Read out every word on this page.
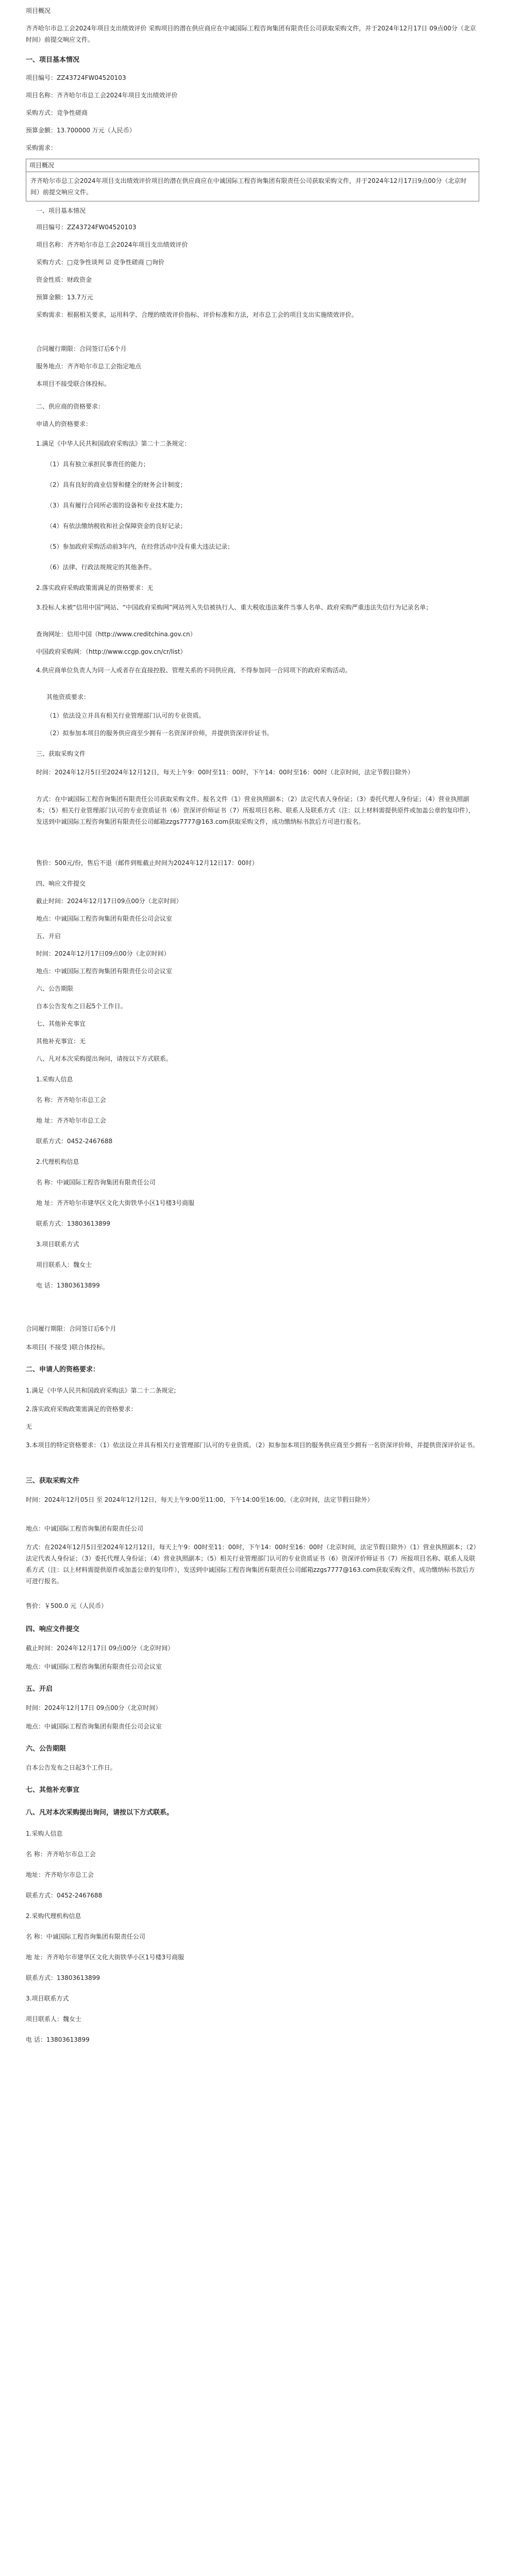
项目概况
齐齐哈尔市总工会2024年项目支出绩效评价 采购项目的潜在供应商应在中诚国际工程咨询集团有限责任公司获取采购文件，并于2024年12月17日 09点00分（北京时间）前提交响应文件。
一、项目基本情况
项目编号：ZZ43724FW04520103
项目名称：齐齐哈尔市总工会2024年项目支出绩效评价
采购方式：竞争性磋商
预算金额：13.700000 万元（人民币）
采购需求：
项目概况
齐齐哈尔市总工会2024年项目支出绩效评价项目的潜在供应商应在中诚国际工程咨询集团有限责任公司获取采购文件，并于2024年12月17日9点00分（北京时间）前提交响应文件。
一、项目基本情况
项目编号：ZZ43724FW04520103
项目名称：齐齐哈尔市总工会2024年项目支出绩效评价
采购方式：□竞争性谈判 ☑ 竞争性磋商 □询价
资金性质：财政资金
预算金额：13.7万元
采购需求：根据相关要求，运用科学、合理的绩效评价指标、评价标准和方法，对市总工会的项目支出实施绩效评价。
合同履行期限：合同签订后6个月
服务地点：齐齐哈尔市总工会指定地点
本项目不接受联合体投标。
二、供应商的资格要求：
申请人的资格要求：
1.满足《中华人民共和国政府采购法》第二十二条规定：
（1）具有独立承担民事责任的能力；
（2）具有良好的商业信誉和健全的财务会计制度；
（3）具有履行合同所必需的设备和专业技术能力；
（4）有依法缴纳税收和社会保障资金的良好记录；
（5）参加政府采购活动前3年内，在经营活动中没有重大违法记录；
（6）法律、行政法规规定的其他条件。
2.落实政府采购政策需满足的资格要求：无
3.投标人未被“信用中国”网站、“中国政府采购网”网站列入失信被执行人、重大税收违法案件当事人名单、政府采购严重违法失信行为记录名单；
查询网址：信用中国（http://www.creditchina.gov.cn）
中国政府采购网：（http://www.ccgp.gov.cn/cr/list）
4.供应商单位负责人为同一人或者存在直接控股、管理关系的不同供应商，不得参加同一合同项下的政府采购活动。
其他资质要求：
（1）依法设立并具有相关行业管理部门认可的专业资质。
（2）拟参加本项目的服务供应商至少拥有一名资深评价师，并提供资深评价证书。
三、获取采购文件
时间：2024年12月5日至2024年12月12日，每天上午9：00时至11：00时，下午14：00时至16：00时（北京时间，法定节假日除外）
方式：在中诚国际工程咨询集团有限责任公司获取采购文件。报名文件（1）营业执照副本；（2）法定代表人身份证；（3）委托代理人身份证；（4）营业执照副本；（5）相关行业管理部门认可的专业资质证书（6）资深评价师证书（7）所报项目名称、联系人及联系方式（注：以上材料需提供原件或加盖公章的复印件），发送到中诚国际工程咨询集团有限责任公司邮箱zzgs7777@163.com获取采购文件，成功缴纳标书款后方可进行报名。
售价：500元/份，售后不退（邮件到账截止时间为2024年12月12日17：00时）
四、响应文件提交
截止时间：2024年12月17日09点00分（北京时间）
地点：中诚国际工程咨询集团有限责任公司会议室
五、开启
时间：2024年12月17日09点00分（北京时间）
地点：中诚国际工程咨询集团有限责任公司会议室
六、公告期限
自本公告发布之日起5个工作日。
七、其他补充事宜
其他补充事宜：无
八、凡对本次采购提出询问，请按以下方式联系。
1.采购人信息
名 称：齐齐哈尔市总工会
地 址：齐齐哈尔市总工会
联系方式：0452-2467688
2.代理机构信息
名 称：中诚国际工程咨询集团有限责任公司
地 址：齐齐哈尔市建华区文化大街铁华小区1号楼3号商服
联系方式：13803613899
3.项目联系方式
项目联系人：魏女士
电 话：13803613899
合同履行期限：合同签订后6个月
本项目( 不接受 )联合体投标。
二、申请人的资格要求：
1.满足《中华人民共和国政府采购法》第二十二条规定;
2.落实政府采购政策需满足的资格要求：
无
3.本项目的特定资格要求：（1）依法设立并具有相关行业管理部门认可的专业资质。（2）拟参加本项目的服务供应商至少拥有一名资深评价师，并提供资深评价证书。
三、获取采购文件
时间：2024年12月05日 至 2024年12月12日，每天上午9:00至11:00，下午14:00至16:00。（北京时间，法定节假日除外）
地点：中诚国际工程咨询集团有限责任公司
方式：在2024年12月5日至2024年12月12日，每天上午9：00时至11：00时，下午14：00时至16：00时（北京时间，法定节假日除外）（1）营业执照副本；（2）法定代表人身份证；（3）委托代理人身份证；（4）营业执照副本；（5）相关行业管理部门认可的专业资质证书（6）资深评价师证书（7）所报项目名称、联系人及联系方式（注：以上材料需提供原件或加盖公章的复印件），发送到中诚国际工程咨询集团有限责任公司邮箱zzgs7777@163.com获取采购文件，成功缴纳标书款后方可进行报名。
售价：￥500.0 元（人民币）
四、响应文件提交
截止时间：2024年12月17日 09点00分（北京时间）
地点：中诚国际工程咨询集团有限责任公司会议室
五、开启
时间：2024年12月17日 09点00分（北京时间）
地点：中诚国际工程咨询集团有限责任公司会议室
六、公告期限
自本公告发布之日起3个工作日。
七、其他补充事宜
八、凡对本次采购提出询问，请按以下方式联系。
1.采购人信息
名 称：齐齐哈尔市总工会
地址：齐齐哈尔市总工会
联系方式：0452-2467688
2.采购代理机构信息
名 称：中诚国际工程咨询集团有限责任公司
地 址：齐齐哈尔市建华区文化大街铁华小区1号楼3号商服
联系方式：13803613899
3.项目联系方式
项目联系人：魏女士
电 话：13803613899
